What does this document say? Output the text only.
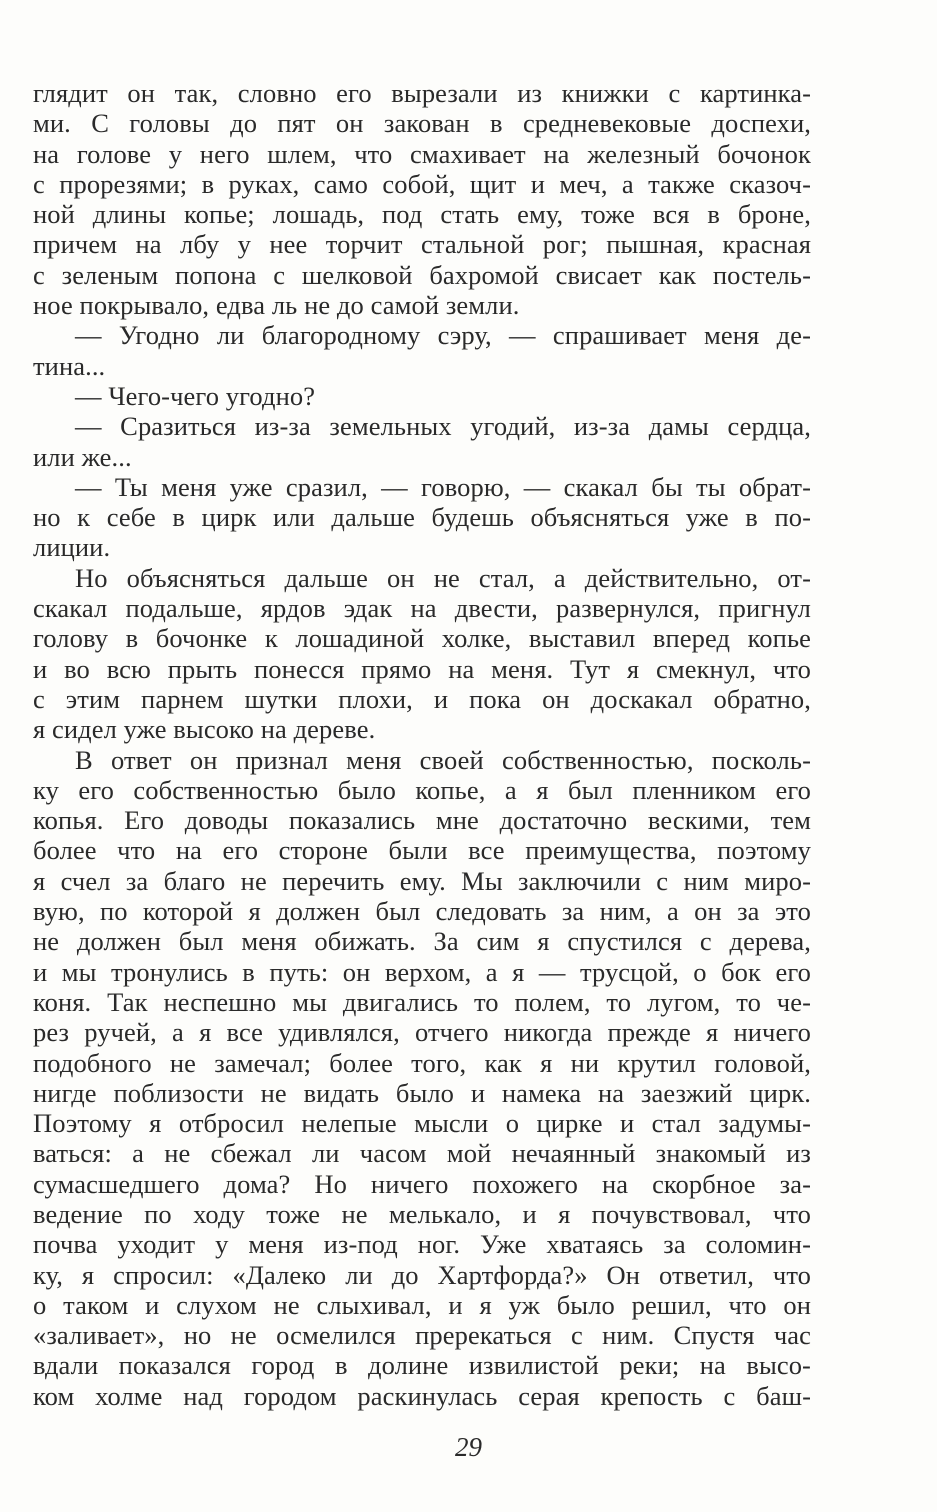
глядит он так, словно его вырезали из книжки с картинка-
ми. С головы до пят он закован в средневековые доспехи,
на голове у него шлем, что смахивает на железный бочонок
с прорезями; в руках, само собой, щит и меч, а также сказоч-
ной длины копье; лошадь, под стать ему, тоже вся в броне,
причем на лбу у нее торчит стальной рог; пышная, красная
с зеленым попона с шелковой бахромой свисает как постель-
ное покрывало, едва ль не до самой земли.
— Угодно ли благородному сэру, — спрашивает меня де-
тина...
— Чего-чего угодно?
— Сразиться из-за земельных угодий, из-за дамы сердца,
или же...
— Ты меня уже сразил, — говорю, — скакал бы ты обрат-
но к себе в цирк или дальше будешь объясняться уже в по-
лиции.
Но объясняться дальше он не стал, а действительно, от-
скакал подальше, ярдов эдак на двести, развернулся, пригнул
голову в бочонке к лошадиной холке, выставил вперед копье
и во всю прыть понесся прямо на меня. Тут я смекнул, что
с этим парнем шутки плохи, и пока он доскакал обратно,
я сидел уже высоко на дереве.
В ответ он признал меня своей собственностью, посколь-
ку его собственностью было копье, а я был пленником его
копья. Его доводы показались мне достаточно вескими, тем
более что на его стороне были все преимущества, поэтому
я счел за благо не перечить ему. Мы заключили с ним миро-
вую, по которой я должен был следовать за ним, а он за это
не должен был меня обижать. За сим я спустился с дерева,
и мы тронулись в путь: он верхом, а я — трусцой, о бок его
коня. Так неспешно мы двигались то полем, то лугом, то че-
рез ручей, а я все удивлялся, отчего никогда прежде я ничего
подобного не замечал; более того, как я ни крутил головой,
нигде поблизости не видать было и намека на заезжий цирк.
Поэтому я отбросил нелепые мысли о цирке и стал задумы-
ваться: а не сбежал ли часом мой нечаянный знакомый из
сумасшедшего дома? Но ничего похожего на скорбное за-
ведение по ходу тоже не мелькало, и я почувствовал, что
почва уходит у меня из-под ног. Уже хватаясь за соломин-
ку, я спросил: «Далеко ли до Хартфорда?» Он ответил, что
о таком и слухом не слыхивал, и я уж было решил, что он
«заливает», но не осмелился пререкаться с ним. Спустя час
вдали показался город в долине извилистой реки; на высо-
ком холме над городом раскинулась серая крепость с баш-
29
